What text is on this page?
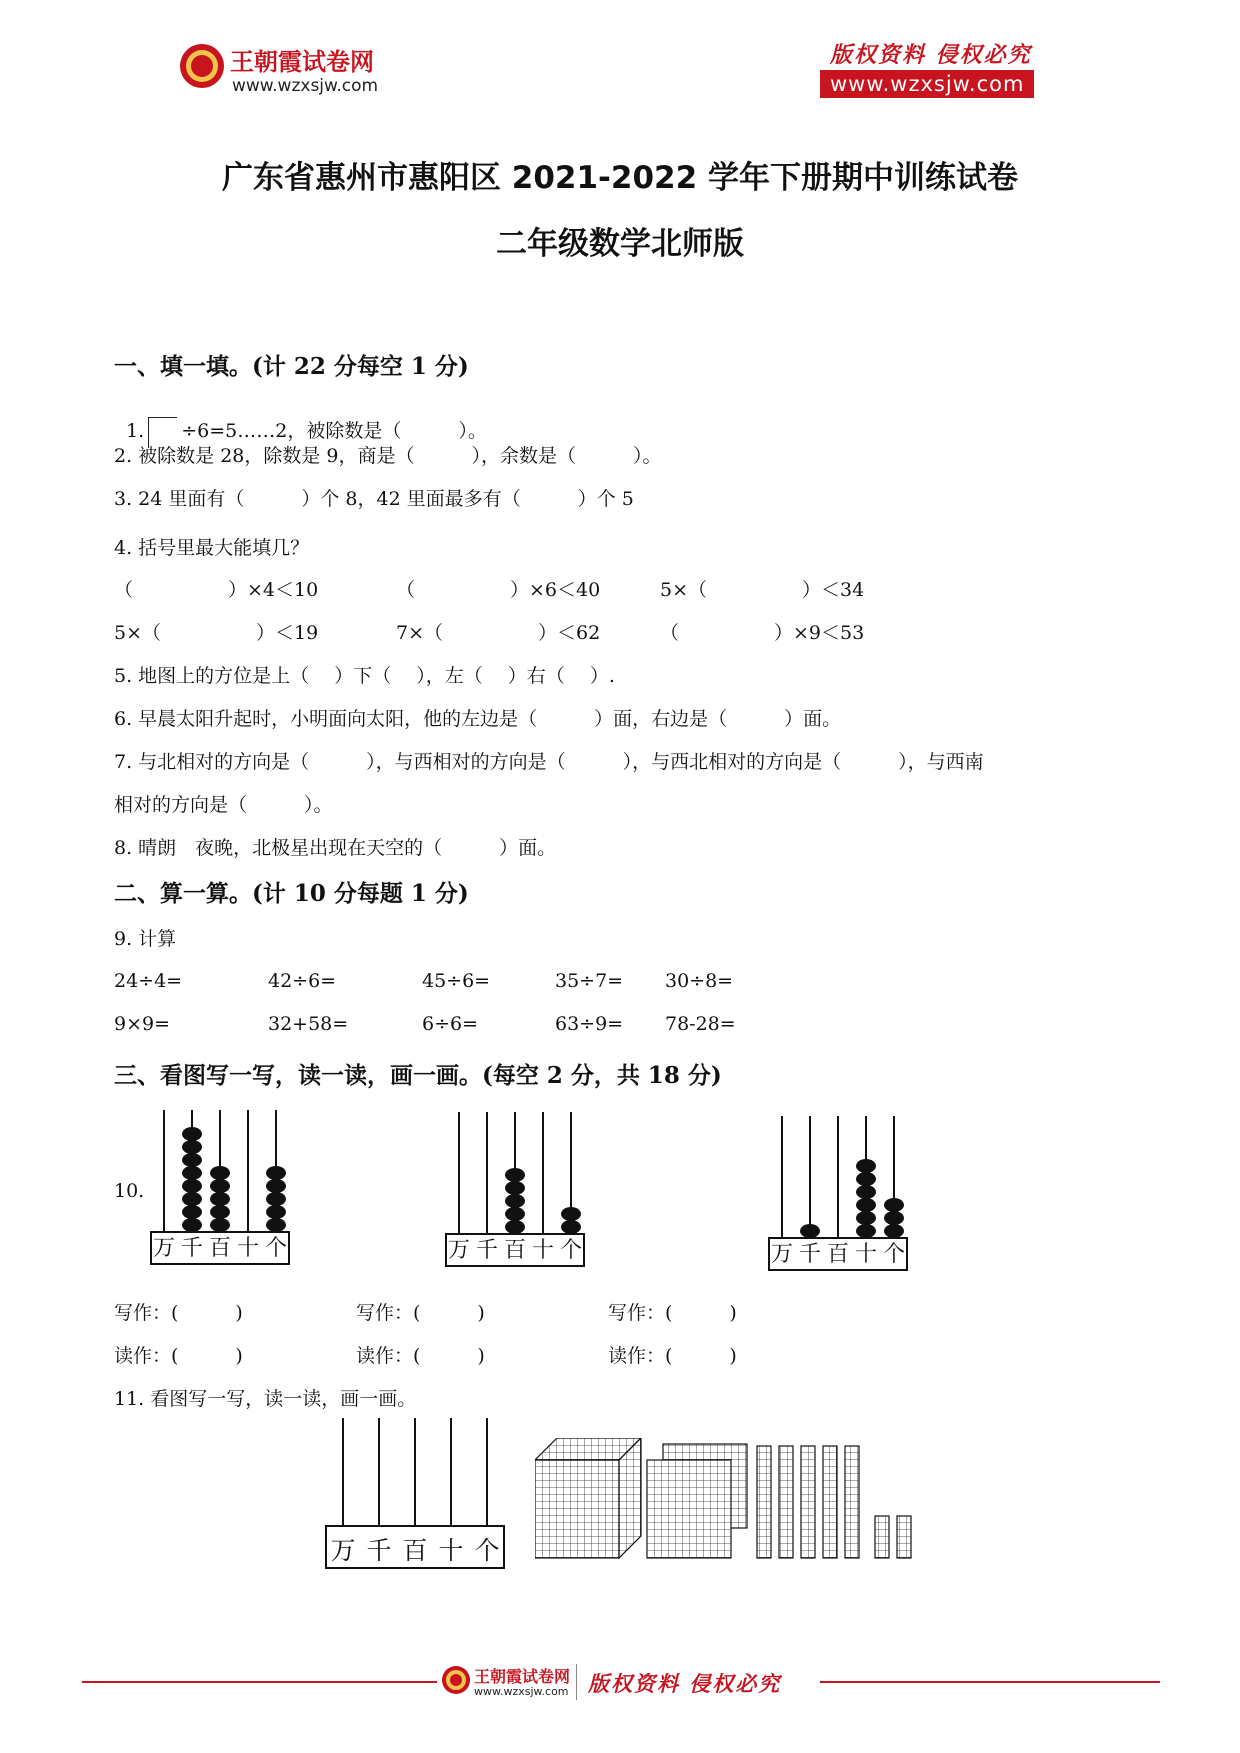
王朝霞试卷网
www.wzxsjw.com
版权资料 侵权必究
www.wzxsjw.com
广东省惠州市惠阳区 2021-2022 学年下册期中训练试卷
二年级数学北师版
一、填一填。(计 22 分每空 1 分)

1. ÷6=5……2，被除数是（　　　）。

2. 被除数是 28，除数是 9，商是（　　　），余数是（　　　）。
3. 24 里面有（　　　）个 8，42 里面最多有（　　　）个 5
4. 括号里最大能填几？
（　　　　　）×4＜10	（　　　　　）×6＜40	5×（　　　　　）＜34
5×（　　　　　）＜19	7×（　　　　　）＜62	（　　　　　）×9＜53
5. 地图上的方位是上（　 ）下（　 ），左（　 ）右（　 ）.
6. 早晨太阳升起时，小明面向太阳，他的左边是（　　　）面，右边是（　　　）面。
7. 与北相对的方向是（　　　），与西相对的方向是（　　　），与西北相对的方向是（　　　），与西南
相对的方向是（　　　）。
8. 晴朗　夜晚，北极星出现在天空的（　　　）面。
二、算一算。(计 10 分每题 1 分)
9. 计算
24÷4=	42÷6=	45÷6=	35÷7= 30÷8=
9×9=	32+58=	6÷6=	63÷9= 78-28=
三、看图写一写，读一读，画一画。(每空 2 分，共 18 分)
10.
万 千 百 十 个	万 千 百 十 个	万 千 百 十 个
写作：(　　　)	写作：(　　　)	写作：(　　　)
读作：(　　　)	读作：(　　　)	读作：(　　　)
11. 看图写一写，读一读，画一画。
万 千 百 十 个
王朝霞试卷网
www.wzxsjw.com 版权资料 侵权必究
